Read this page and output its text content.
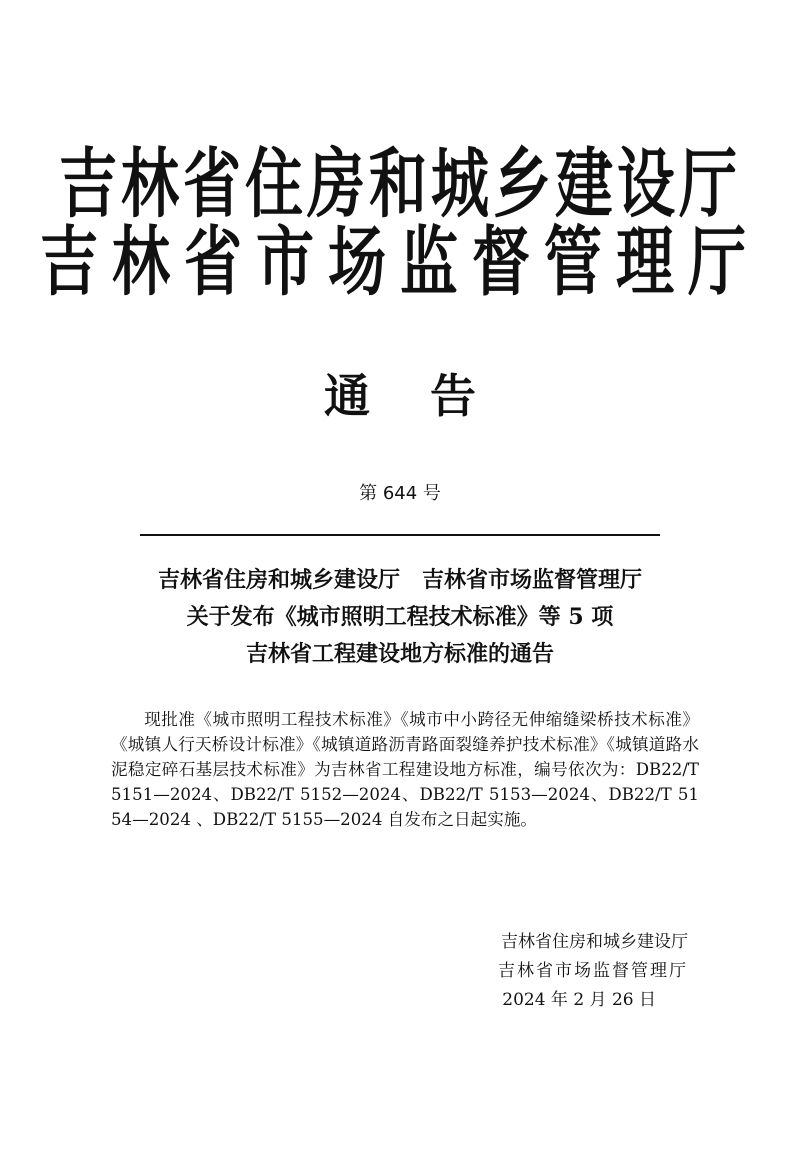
吉林省住房和城乡建设厅
吉林省市场监督管理厅
通告
第 644 号
吉林省住房和城乡建设厅　吉林省市场监督管理厅
关于发布《城市照明工程技术标准》等 5 项
吉林省工程建设地方标准的通告
现批准《城市照明工程技术标准》《城市中小跨径无伸缩缝梁桥技术标准》《城镇人行天桥设计标准》《城镇道路沥青路面裂缝养护技术标准》《城镇道路水泥稳定碎石基层技术标准》为吉林省工程建设地方标准，编号依次为：DB22/T 5151—2024、DB22/T 5152—2024、DB22/T 5153—2024、DB22/T 5154—2024 、DB22/T 5155—2024 自发布之日起实施。
吉林省住房和城乡建设厅
吉林省市场监督管理厅
2024 年 2 月 26 日
